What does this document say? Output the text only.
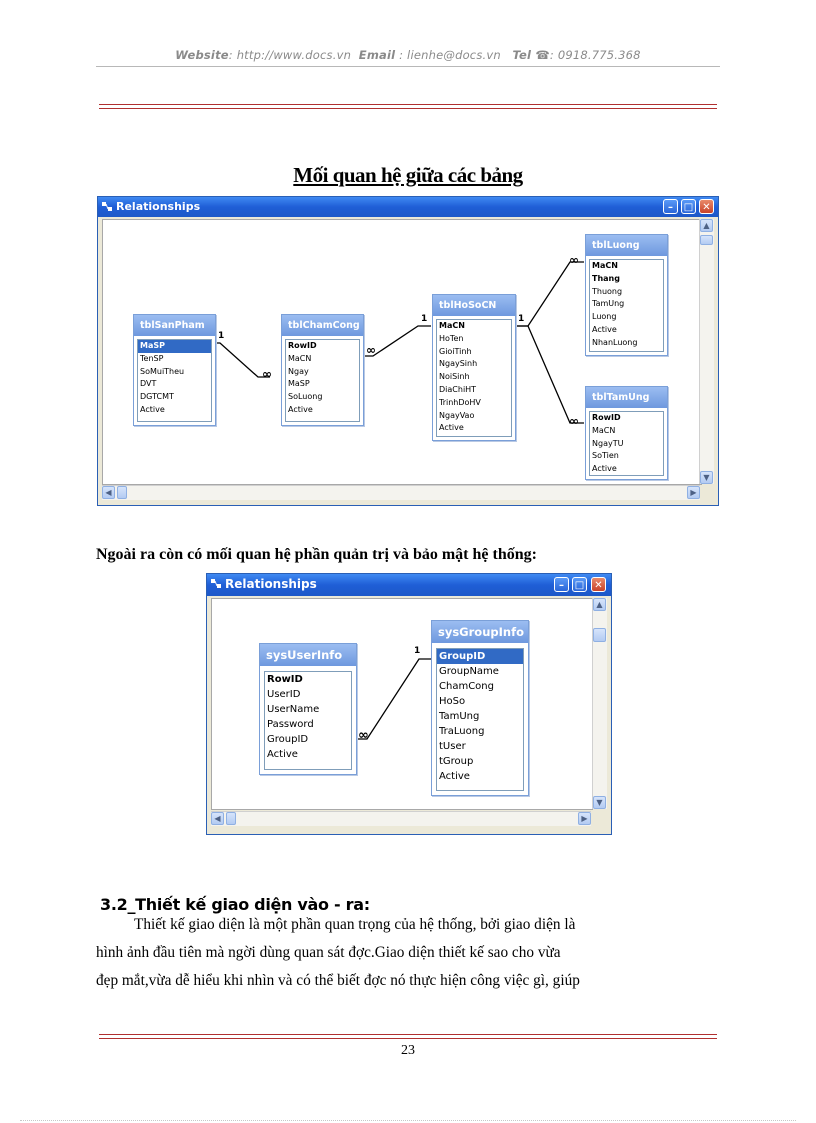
Website: http://www.docs.vn Email : lienhe@docs.vn Tel ☎: 0918.775.368
Mối quan hệ giữa các bảng
Relationships	–	□ ✕
▲
▼
◀	▶
1
∞
∞
1	1
∞
∞
tblSanPham
MaSP
TenSP
SoMuiTheu
DVT
DGTCMT
Active
tblChamCong
RowID
MaCN
Ngay
MaSP
SoLuong
Active
tblHoSoCN
MaCN
HoTen
GioiTinh
NgaySinh
NoiSinh
DiaChiHT
TrinhDoHV
NgayVao
Active
tblLuong
MaCN
Thang
Thuong
TamUng
Luong
Active
NhanLuong
tblTamUng
RowID
MaCN
NgayTU
SoTien
Active
Ngoài ra còn có mối quan hệ phần quản trị và bảo mật hệ thống:
Relationships	–	□	✕
▲
▼
◀	▶
∞
1
sysUserInfo
RowID
UserID
UserName
Password
GroupID
Active
sysGroupInfo
GroupID
GroupName
ChamCong
HoSo
TamUng
TraLuong
tUser
tGroup
Active
3.2_Thiết kế giao diện vào - ra:
Thiết kế giao diện là một phần quan trọng của hệ thống, bởi giao diện là
hình ảnh đầu tiên mà ngời dùng quan sát đợc.Giao diện thiết kế sao cho vừa
đẹp mắt,vừa dễ hiểu khi nhìn và có thể biết đợc nó thực hiện công việc gì, giúp
23
